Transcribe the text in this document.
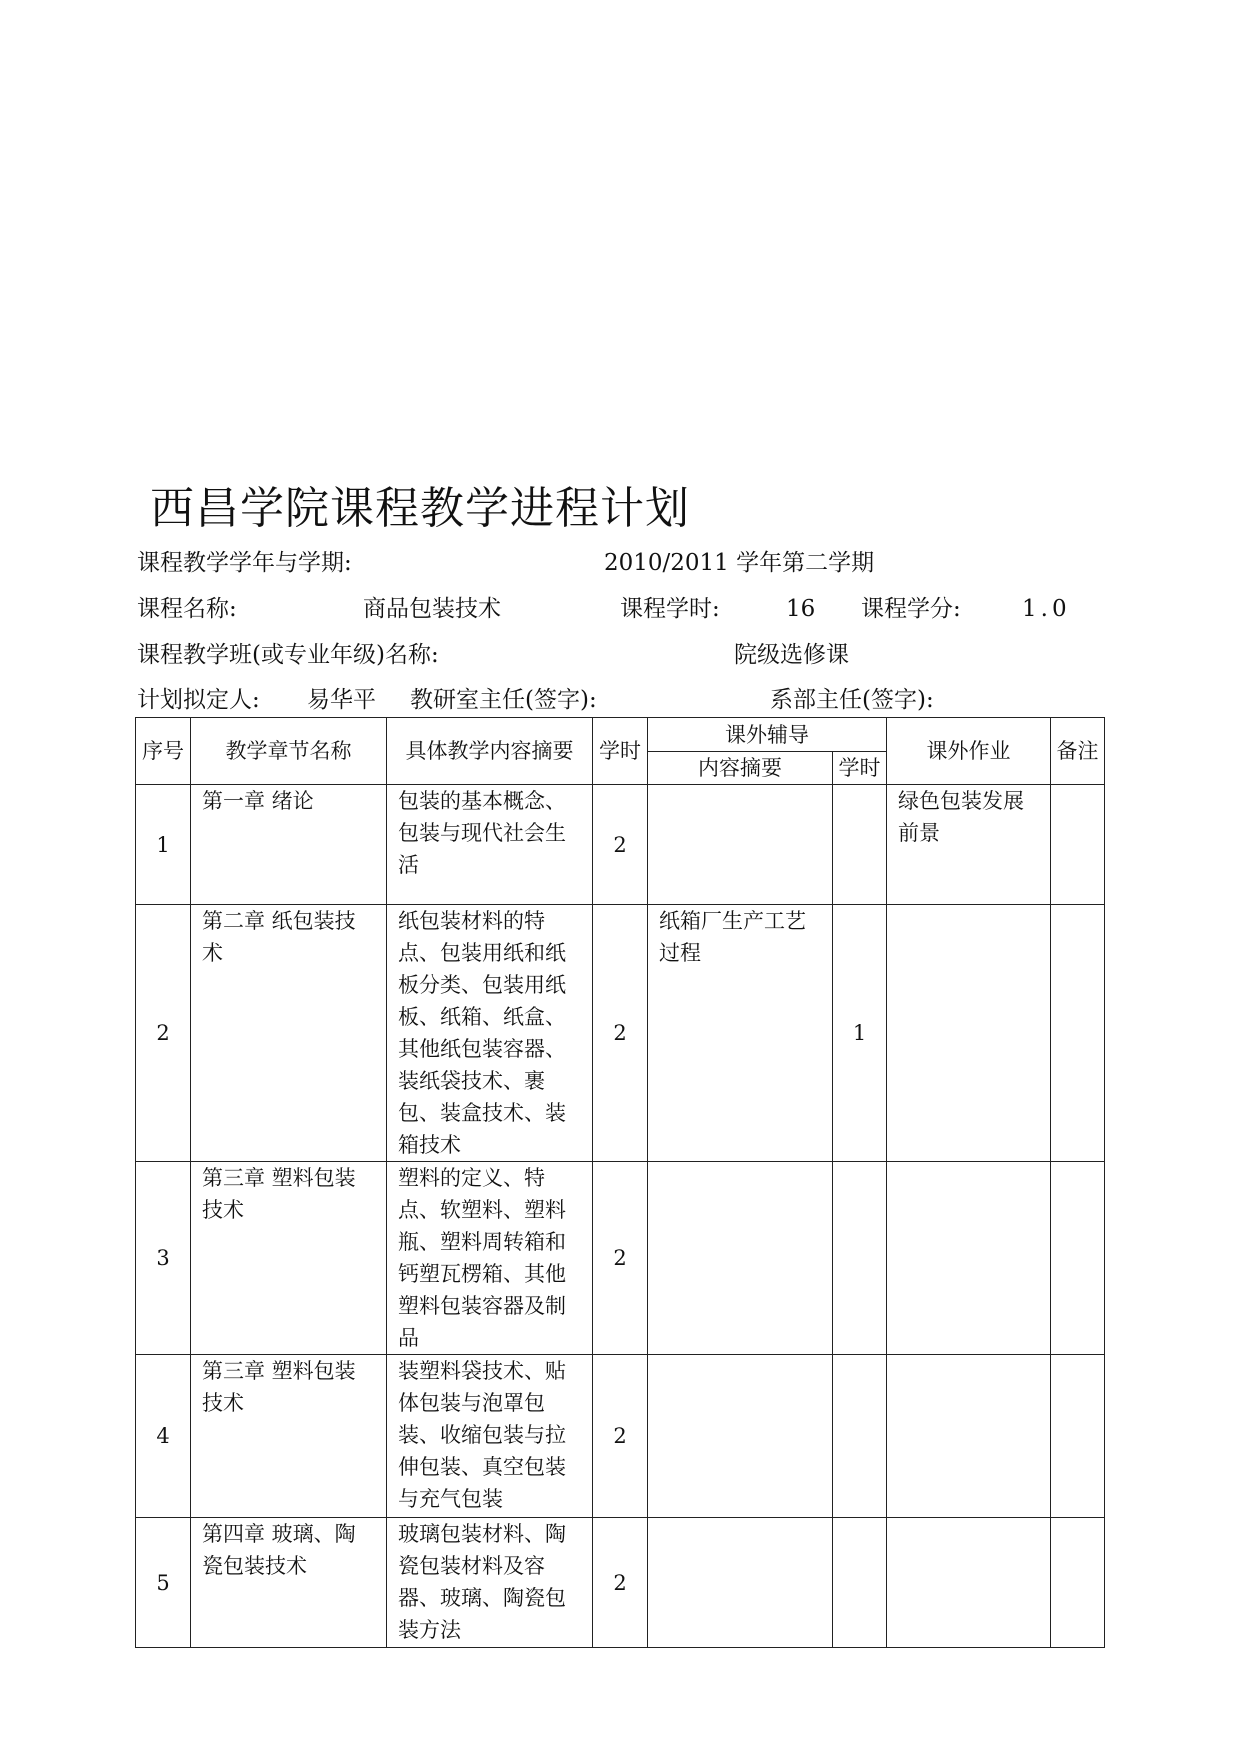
西昌学院课程教学进程计划
课程教学学年与学期:	2010/2011 学年第二学期
课程名称:	商品包装技术	课程学时:	16 课程学分:	1.0
课程教学班(或专业年级)名称:	院级选修课
计划拟定人: 易华平 教研室主任(签字):	系部主任(签字):
序号	教学章节名称	具体教学内容摘要	学时	课外辅导		课外作业	备注
				内容摘要	学时		
1	第一章 绪论	包装的基本概念、包装与现代社会生活	2			绿色包装发展前景	
2	第二章 纸包装技术	纸包装材料的特点、包装用纸和纸板分类、包装用纸板、纸箱、纸盒、其他纸包装容器、装纸袋技术、裹包、装盒技术、装箱技术	2	纸箱厂生产工艺过程	1		
3	第三章 塑料包装技术	塑料的定义、特点、软塑料、塑料瓶、塑料周转箱和钙塑瓦楞箱、其他塑料包装容器及制品	2				
4	第三章 塑料包装技术	装塑料袋技术、贴体包装与泡罩包装、收缩包装与拉伸包装、真空包装与充气包装	2				
5	第四章 玻璃、陶瓷包装技术	玻璃包装材料、陶瓷包装材料及容器、玻璃、陶瓷包装方法	2				
